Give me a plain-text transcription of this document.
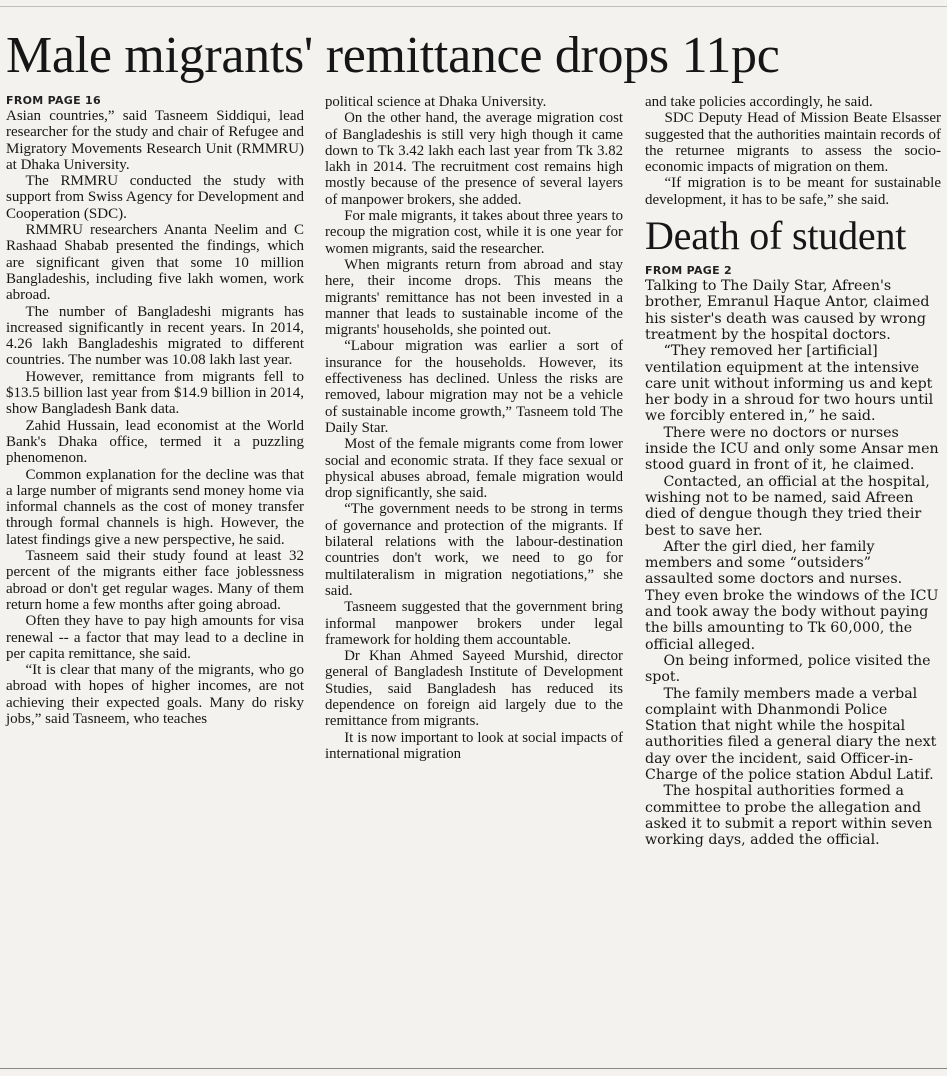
Male migrants' remittance drops 11pc
FROM PAGE 16

Asian countries,” said Tasneem Siddiqui, lead researcher for the study and chair of Refugee and Migratory Movements Research Unit (RMMRU) at Dhaka University.

The RMMRU conducted the study with support from Swiss Agency for Development and Cooperation (SDC).

RMMRU researchers Ananta Neelim and C Rashaad Shabab presented the findings, which are significant given that some 10 million Bangladeshis, including five lakh women, work abroad.

The number of Bangladeshi migrants has increased significantly in recent years. In 2014, 4.26 lakh Bangladeshis migrated to different countries. The number was 10.08 lakh last year.

However, remittance from migrants fell to $13.5 billion last year from $14.9 billion in 2014, show Bangladesh Bank data.

Zahid Hussain, lead economist at the World Bank's Dhaka office, termed it a puzzling phenomenon.

Common explanation for the decline was that a large number of migrants send money home via informal channels as the cost of money transfer through formal channels is high. However, the latest findings give a new perspective, he said.

Tasneem said their study found at least 32 percent of the migrants either face joblessness abroad or don't get regular wages. Many of them return home a few months after going abroad.

Often they have to pay high amounts for visa renewal -- a factor that may lead to a decline in per capita remittance, she said.

“It is clear that many of the migrants, who go abroad with hopes of higher incomes, are not achieving their expected goals. Many do risky jobs,” said Tasneem, who teaches

political science at Dhaka University.

On the other hand, the average migration cost of Bangladeshis is still very high though it came down to Tk 3.42 lakh each last year from Tk 3.82 lakh in 2014. The recruitment cost remains high mostly because of the presence of several layers of manpower brokers, she added.

For male migrants, it takes about three years to recoup the migration cost, while it is one year for women migrants, said the researcher.

When migrants return from abroad and stay here, their income drops. This means the migrants' remittance has not been invested in a manner that leads to sustainable income of the migrants' households, she pointed out.

“Labour migration was earlier a sort of insurance for the households. However, its effectiveness has declined. Unless the risks are removed, labour migration may not be a vehicle of sustainable income growth,” Tasneem told The Daily Star.

Most of the female migrants come from lower social and economic strata. If they face sexual or physical abuses abroad, female migration would drop significantly, she said.

“The government needs to be strong in terms of governance and protection of the migrants. If bilateral relations with the labour-destination countries don't work, we need to go for multilateralism in migration negotiations,” she said.

Tasneem suggested that the government bring informal manpower brokers under legal framework for holding them accountable.

Dr Khan Ahmed Sayeed Murshid, director general of Bangladesh Institute of Development Studies, said Bangladesh has reduced its dependence on foreign aid largely due to the remittance from migrants.

It is now important to look at social impacts of international migration

and take policies accordingly, he said.

SDC Deputy Head of Mission Beate Elsasser suggested that the authorities maintain records of the returnee migrants to assess the socio-economic impacts of migration on them.

“If migration is to be meant for sustainable development, it has to be safe,” she said.

Death of student
FROM PAGE 2

Talking to The Daily Star, Afreen's brother, Emranul Haque Antor, claimed his sister's death was caused by wrong treatment by the hospital doctors.

“They removed her [artificial] ventilation equipment at the intensive care unit without informing us and kept her body in a shroud for two hours until we forcibly entered in,” he said.

There were no doctors or nurses inside the ICU and only some Ansar men stood guard in front of it, he claimed.

Contacted, an official at the hospital, wishing not to be named, said Afreen died of dengue though they tried their best to save her.

After the girl died, her family members and some “outsiders” assaulted some doctors and nurses. They even broke the windows of the ICU and took away the body without paying the bills amounting to Tk 60,000, the official alleged.

On being informed, police visited the spot.

The family members made a verbal complaint with Dhanmondi Police Station that night while the hospital authorities filed a general diary the next day over the incident, said Officer-in-Charge of the police station Abdul Latif.

The hospital authorities formed a committee to probe the allegation and asked it to submit a report within seven working days, added the official.
